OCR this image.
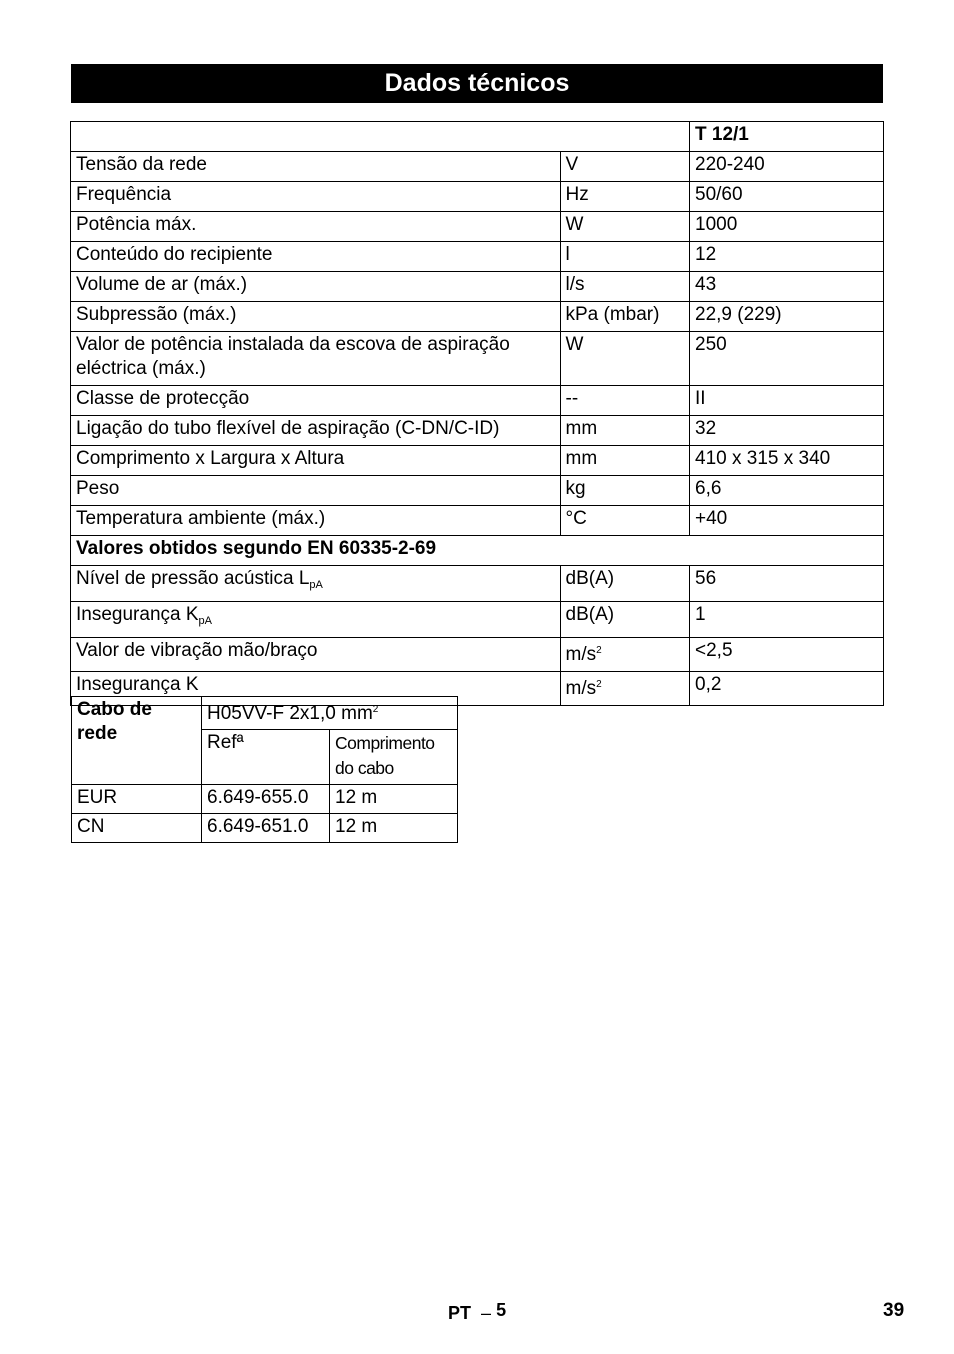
Dados técnicos
		T 12/1
Tensão da rede	V	220-240
Frequência	Hz	50/60
Potência máx.	W	1000
Conteúdo do recipiente	l	12
Volume de ar (máx.)	l/s	43
Subpressão (máx.)	kPa (mbar)	22,9 (229)
Valor de potência instalada da escova de aspiração eléctrica (máx.)	W	250
Classe de protecção	--	II
Ligação do tubo flexível de aspiração (C-DN/C-ID)	mm	32
Comprimento x Largura x Altura	mm	410 x 315 x 340
Peso	kg	6,6
Temperatura ambiente (máx.)	°C	+40
Valores obtidos segundo EN 60335-2-69		
Nível de pressão acústica $L_{pA}$	dB(A)	56
Insegurança $K_{pA}$	dB(A)	1
Valor de vibração mão/braço	$m/s^2$	<2,5
Insegurança K	$m/s^2$	0,2
Cabo de rede	H05VV-F 2x1,0 $mm^2$
	Refª	Comprimento do cabo
EUR	6.649-655.0	12 m
CN	6.649-651.0	12 m
PT – 5	39
